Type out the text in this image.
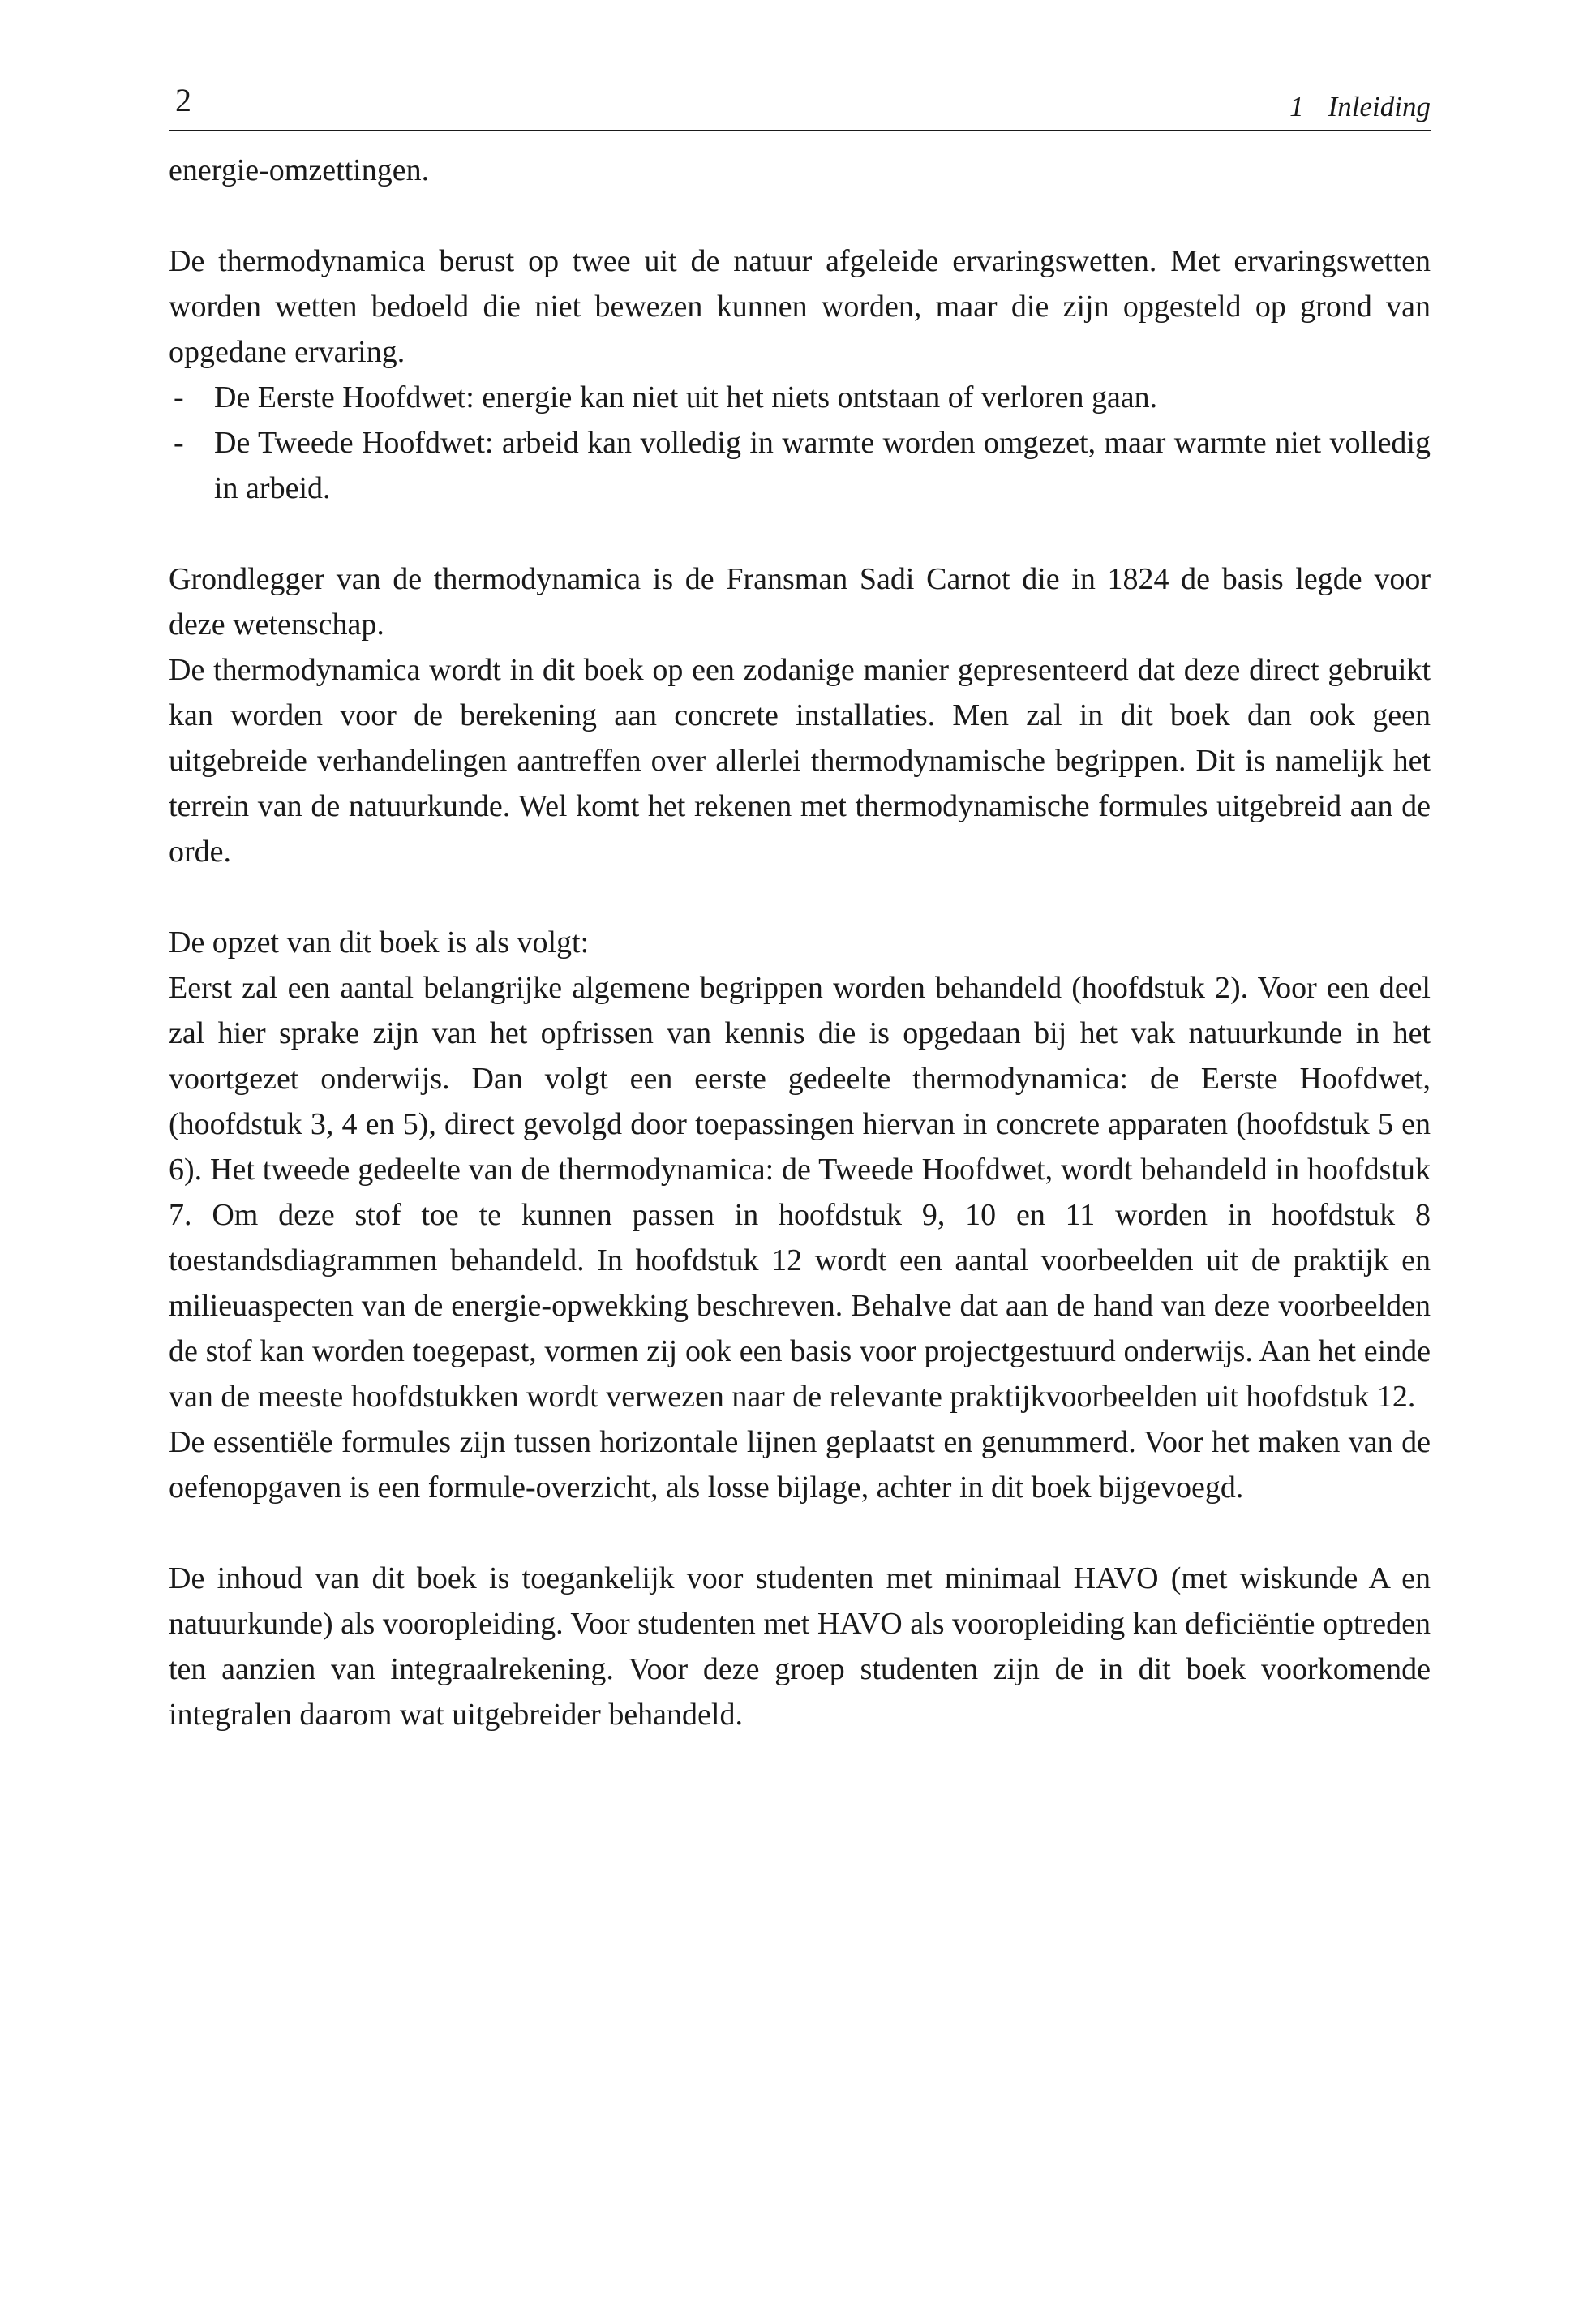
2	1 Inleiding

energie-omzettingen.

De thermodynamica berust op twee uit de natuur afgeleide ervaringswetten. Met ervaringswetten worden wetten bedoeld die niet bewezen kunnen worden, maar die zijn opgesteld op grond van opgedane ervaring.

- De Eerste Hoofdwet: energie kan niet uit het niets ontstaan of verloren gaan.
- De Tweede Hoofdwet: arbeid kan volledig in warmte worden omgezet, maar warmte niet volledig in arbeid.

Grondlegger van de thermodynamica is de Fransman Sadi Carnot die in 1824 de basis legde voor deze wetenschap.

De thermodynamica wordt in dit boek op een zodanige manier gepresenteerd dat deze direct gebruikt kan worden voor de berekening aan concrete installaties. Men zal in dit boek dan ook geen uitgebreide verhandelingen aantreffen over allerlei thermodynamische begrippen. Dit is namelijk het terrein van de natuurkunde. Wel komt het rekenen met thermodynamische formules uitgebreid aan de orde.

De opzet van dit boek is als volgt:

Eerst zal een aantal belangrijke algemene begrippen worden behandeld (hoofdstuk 2). Voor een deel zal hier sprake zijn van het opfrissen van kennis die is opgedaan bij het vak natuurkunde in het voortgezet onderwijs. Dan volgt een eerste gedeelte thermodynamica: de Eerste Hoofdwet, (hoofdstuk 3, 4 en 5), direct gevolgd door toepassingen hiervan in concrete apparaten (hoofdstuk 5 en 6). Het tweede gedeelte van de thermodynamica: de Tweede Hoofdwet, wordt behandeld in hoofdstuk 7. Om deze stof toe te kunnen passen in hoofdstuk 9, 10 en 11 worden in hoofdstuk 8 toestandsdiagrammen behandeld. In hoofdstuk 12 wordt een aantal voorbeelden uit de praktijk en milieuaspecten van de energie-opwekking beschreven. Behalve dat aan de hand van deze voorbeelden de stof kan worden toegepast, vormen zij ook een basis voor projectgestuurd onderwijs. Aan het einde van de meeste hoofdstukken wordt verwezen naar de relevante praktijkvoorbeelden uit hoofdstuk 12.

De essentiële formules zijn tussen horizontale lijnen geplaatst en genummerd. Voor het maken van de oefenopgaven is een formule-overzicht, als losse bijlage, achter in dit boek bijgevoegd.

De inhoud van dit boek is toegankelijk voor studenten met minimaal HAVO (met wiskunde A en natuurkunde) als vooropleiding. Voor studenten met HAVO als vooropleiding kan deficiëntie optreden ten aanzien van integraalrekening. Voor deze groep studenten zijn de in dit boek voorkomende integralen daarom wat uitgebreider behandeld.
